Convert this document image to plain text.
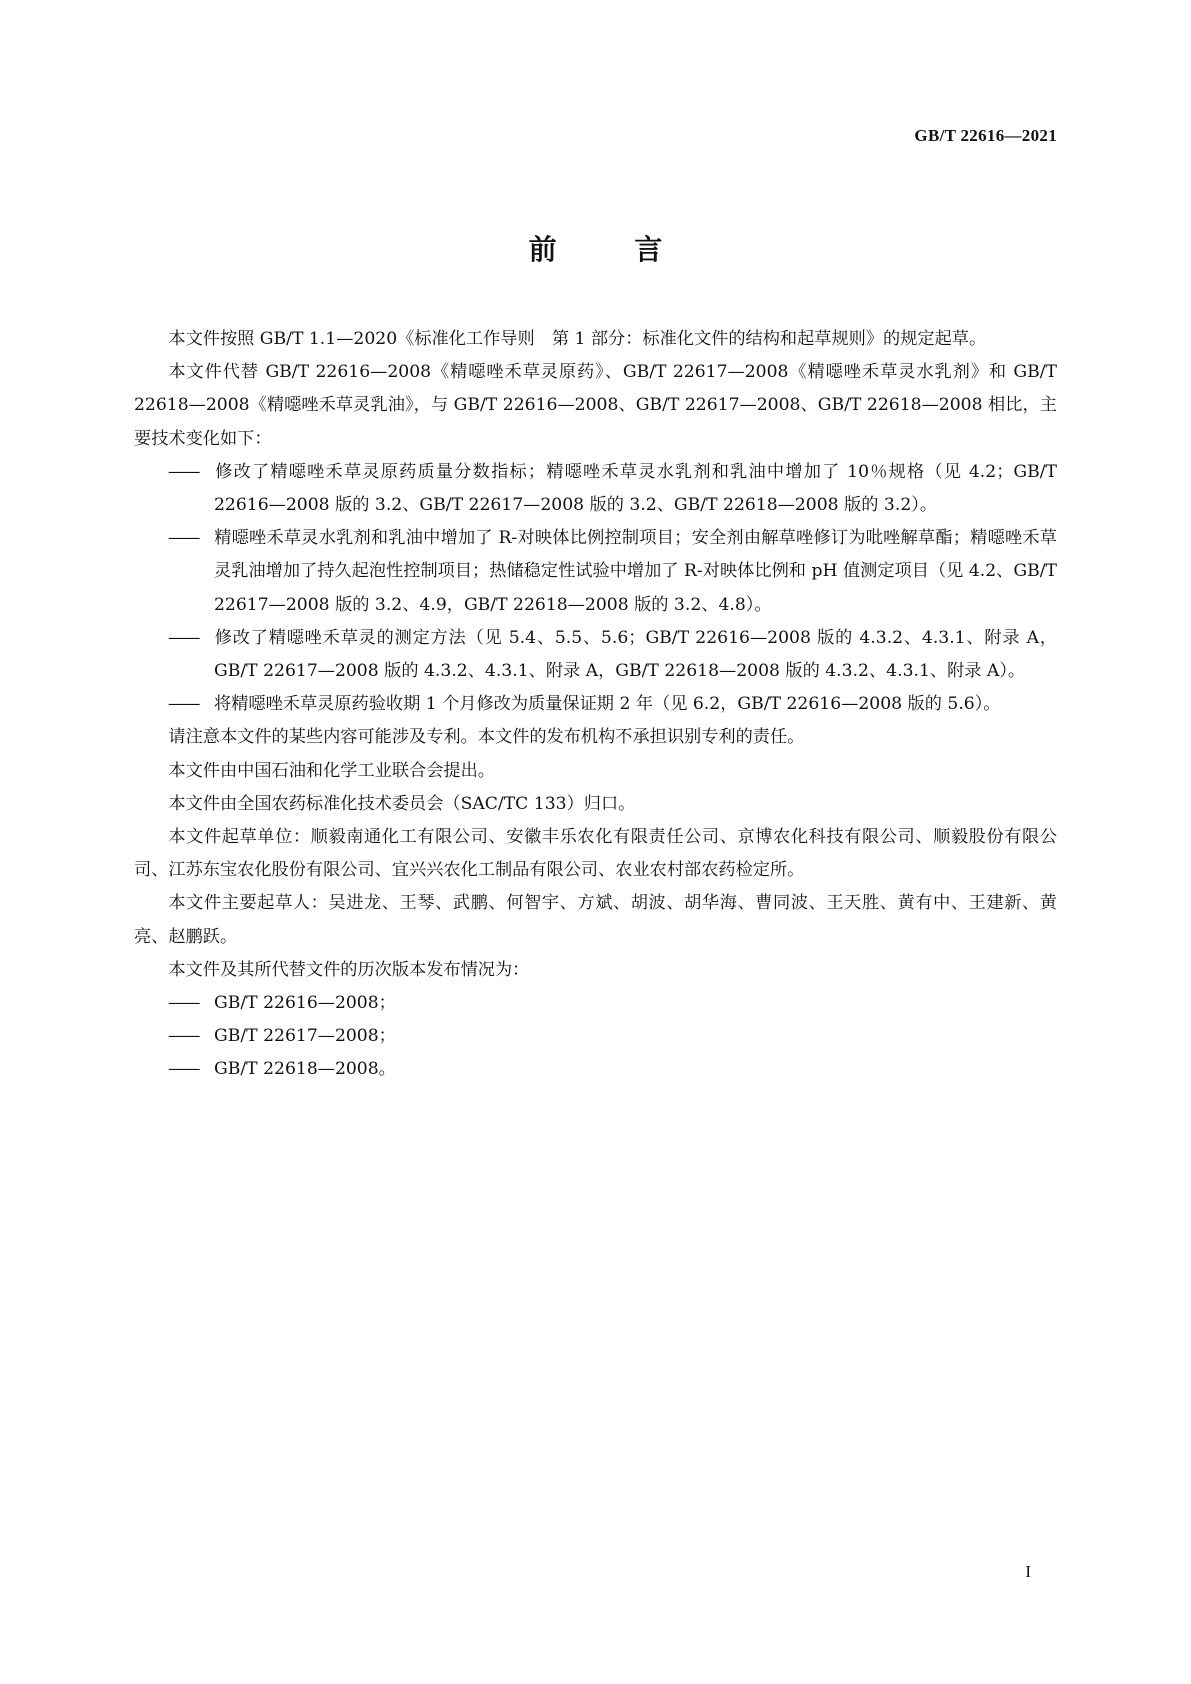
GB/T 22616—2021
前 言

本文件按照 GB/T 1.1—2020《标准化工作导则　第 1 部分：标准化文件的结构和起草规则》的规定起草。

本文件代替 GB/T 22616—2008《精噁唑禾草灵原药》、GB/T 22617—2008《精噁唑禾草灵水乳剂》和 GB/T 22618—2008《精噁唑禾草灵乳油》，与 GB/T 22616—2008、GB/T 22617—2008、GB/T 22618—2008 相比，主要技术变化如下：

—— 修改了精噁唑禾草灵原药质量分数指标；精噁唑禾草灵水乳剂和乳油中增加了 10％规格（见 4.2；GB/T 22616—2008 版的 3.2、GB/T 22617—2008 版的 3.2、GB/T 22618—2008 版的 3.2）。

—— 精噁唑禾草灵水乳剂和乳油中增加了 R-对映体比例控制项目；安全剂由解草唑修订为吡唑解草酯；精噁唑禾草灵乳油增加了持久起泡性控制项目；热储稳定性试验中增加了 R-对映体比例和 pH 值测定项目（见 4.2、GB/T 22617—2008 版的 3.2、4.9，GB/T 22618—2008 版的 3.2、4.8）。

—— 修改了精噁唑禾草灵的测定方法（见 5.4、5.5、5.6；GB/T 22616—2008 版的 4.3.2、4.3.1、附录 A，GB/T 22617—2008 版的 4.3.2、4.3.1、附录 A，GB/T 22618—2008 版的 4.3.2、4.3.1、附录 A）。

—— 将精噁唑禾草灵原药验收期 1 个月修改为质量保证期 2 年（见 6.2，GB/T 22616—2008 版的 5.6）。

请注意本文件的某些内容可能涉及专利。本文件的发布机构不承担识别专利的责任。

本文件由中国石油和化学工业联合会提出。

本文件由全国农药标准化技术委员会（SAC/TC 133）归口。

本文件起草单位：顺毅南通化工有限公司、安徽丰乐农化有限责任公司、京博农化科技有限公司、顺毅股份有限公司、江苏东宝农化股份有限公司、宜兴兴农化工制品有限公司、农业农村部农药检定所。

本文件主要起草人：吴进龙、王琴、武鹏、何智宇、方斌、胡波、胡华海、曹同波、王天胜、黄有中、王建新、黄亮、赵鹏跃。

本文件及其所代替文件的历次版本发布情况为：

—— GB/T 22616—2008；

—— GB/T 22617—2008；

—— GB/T 22618—2008。

I
